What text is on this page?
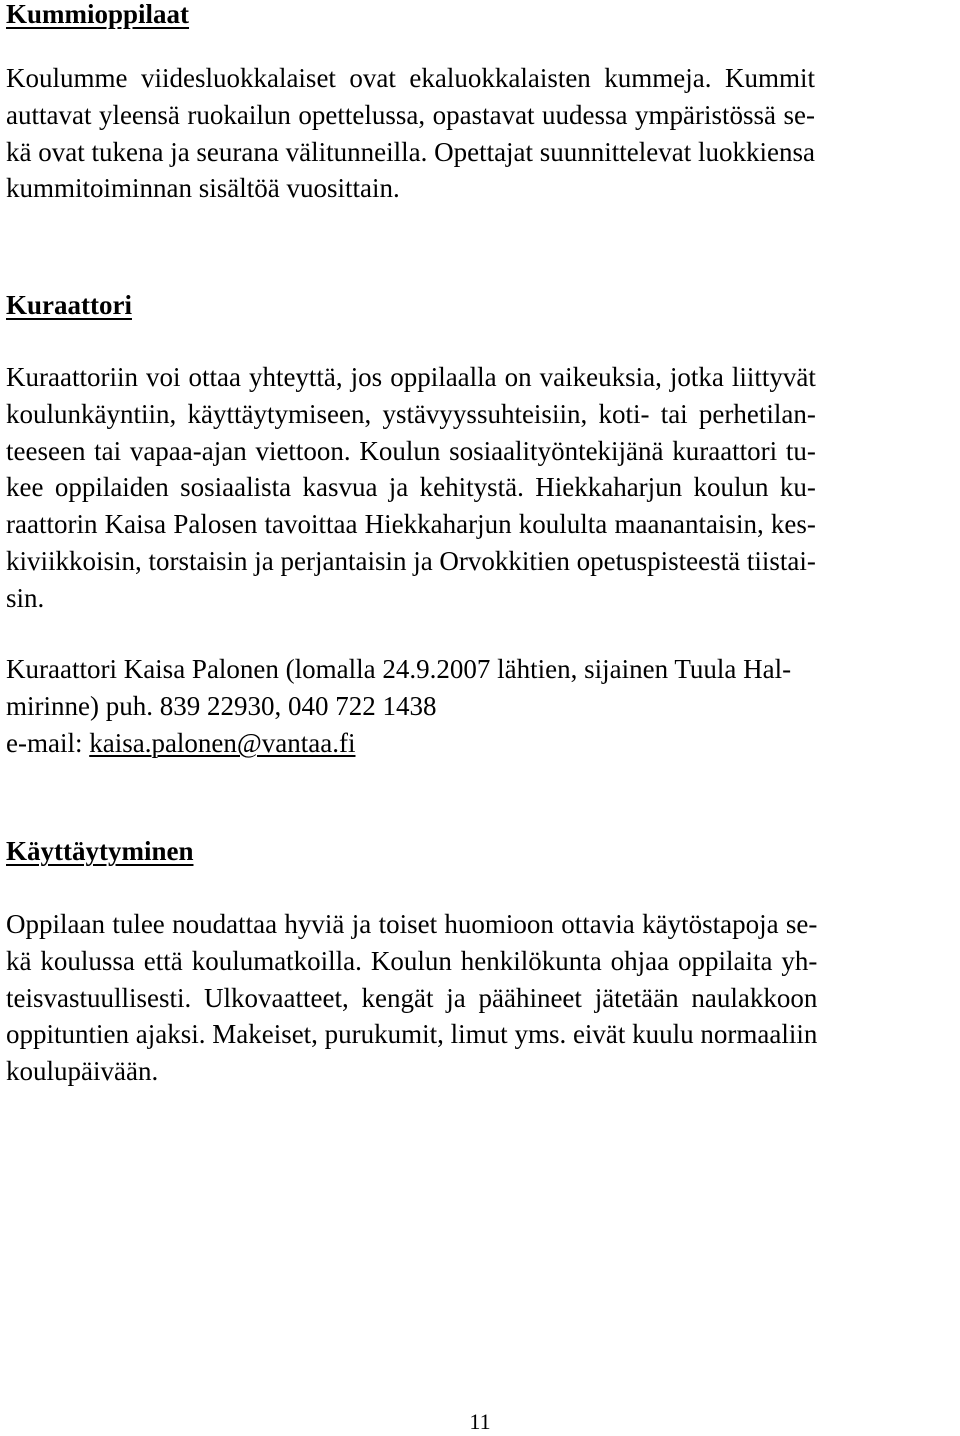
Kummioppilaat

Koulumme viidesluokkalaiset ovat ekaluokkalaisten kummeja. Kummit
auttavat yleensä ruokailun opettelussa, opastavat uudessa ympäristössä se-
kä ovat tukena ja seurana välitunneilla. Opettajat suunnittelevat luokkiensa
kummitoiminnan sisältöä vuosittain.

Kuraattori

Kuraattoriin voi ottaa yhteyttä, jos oppilaalla on vaikeuksia, jotka liittyvät
koulunkäyntiin, käyttäytymiseen, ystävyyssuhteisiin, koti- tai perhetilan-
teeseen tai vapaa-ajan viettoon. Koulun sosiaalityöntekijänä kuraattori tu-
kee oppilaiden sosiaalista kasvua ja kehitystä. Hiekkaharjun koulun ku-
raattorin Kaisa Palosen tavoittaa Hiekkaharjun koululta maanantaisin, kes-
kiviikkoisin, torstaisin ja perjantaisin ja Orvokkitien opetuspisteestä tiistai-
sin.

Kuraattori Kaisa Palonen (lomalla 24.9.2007 lähtien, sijainen Tuula Hal-
mirinne) puh. 839 22930, 040 722 1438
e-mail: kaisa.palonen@vantaa.fi

Käyttäytyminen

Oppilaan tulee noudattaa hyviä ja toiset huomioon ottavia käytöstapoja se-
kä koulussa että koulumatkoilla. Koulun henkilökunta ohjaa oppilaita yh-
teisvastuullisesti. Ulkovaatteet, kengät ja päähineet jätetään naulakkoon
oppituntien ajaksi. Makeiset, purukumit, limut yms. eivät kuulu normaaliin
koulupäivään.

11
